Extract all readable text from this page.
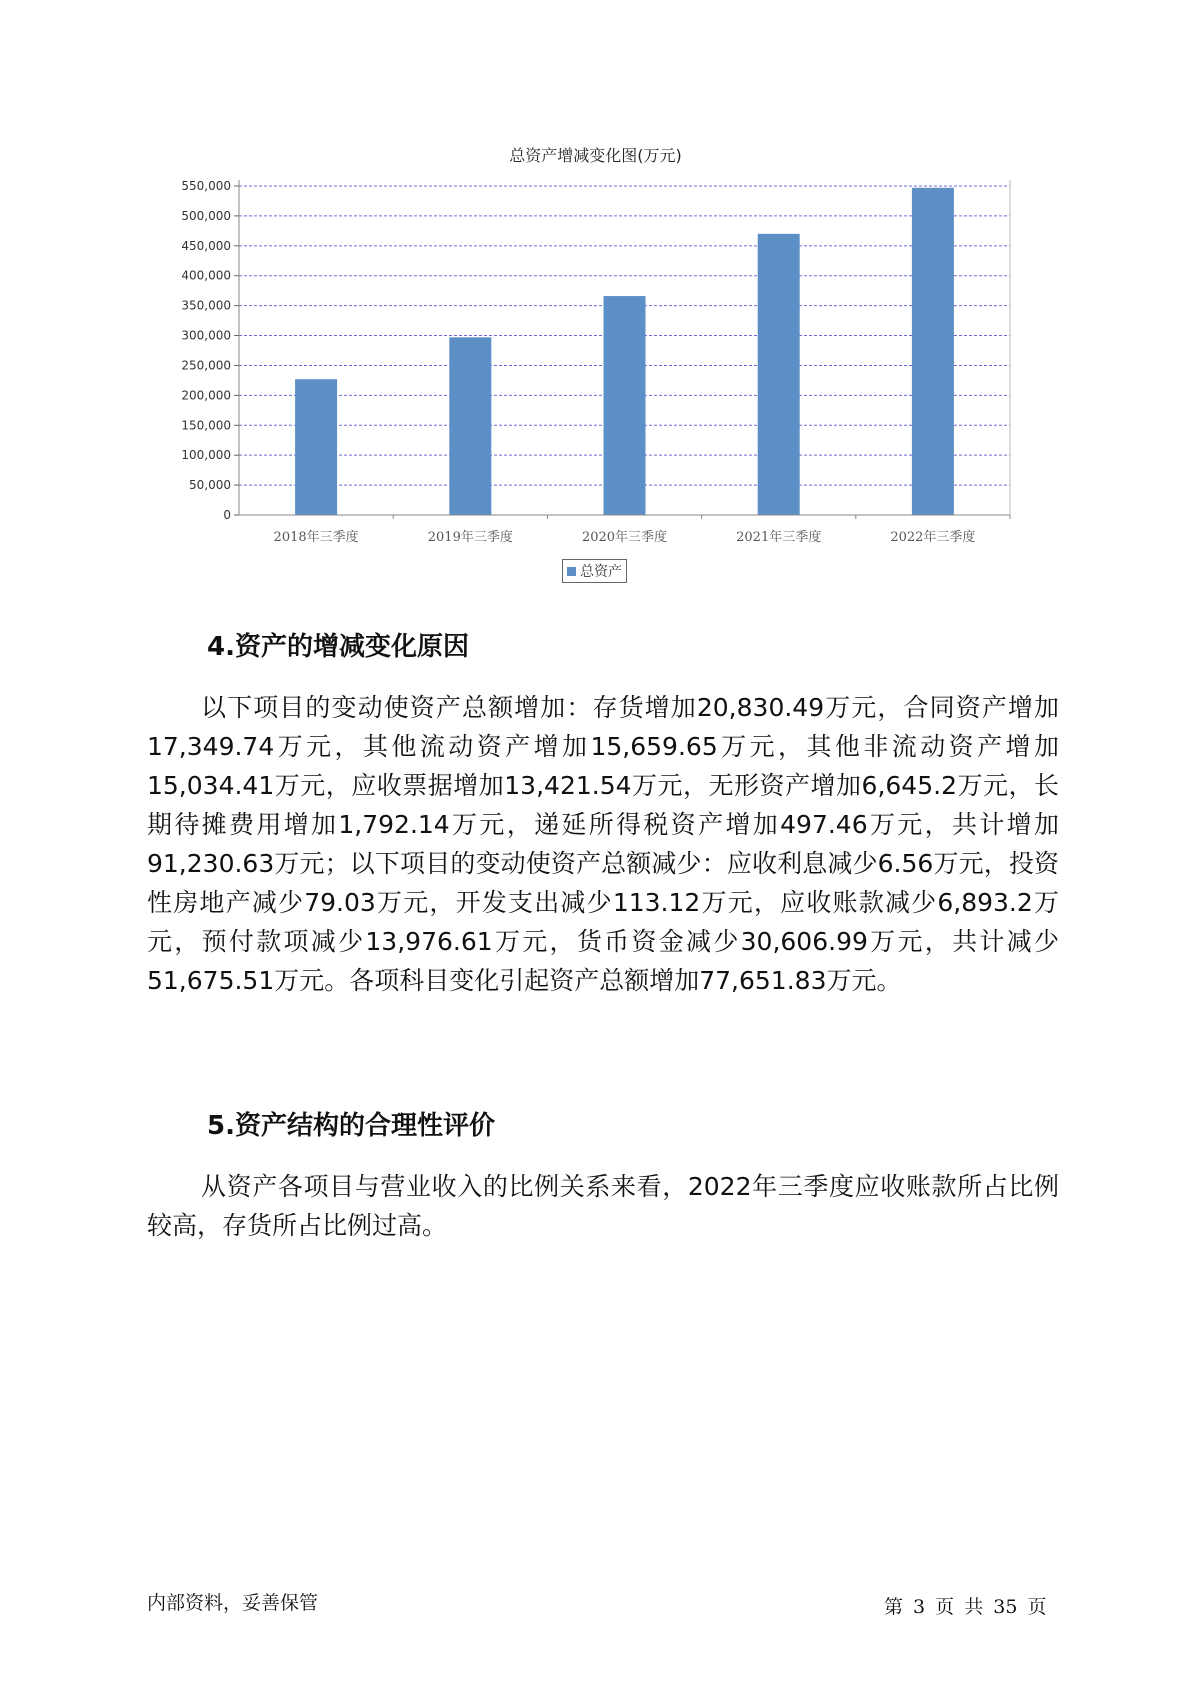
总资产增减变化图(万元)
0
50,000
100,000
150,000
200,000
250,000
300,000
350,000
400,000
450,000
500,000
550,000
2018年三季度	2019年三季度	2020年三季度	2021年三季度	2022年三季度
总资产
4.资产的增减变化原因
以下项目的变动使资产总额增加：存货增加20,830.49万元，合同资产增加17,349.74万元，其他流动资产增加15,659.65万元，其他非流动资产增加15,034.41万元，应收票据增加13,421.54万元，无形资产增加6,645.2万元，长期待摊费用增加1,792.14万元，递延所得税资产增加497.46万元，共计增加91,230.63万元；以下项目的变动使资产总额减少：应收利息减少6.56万元，投资性房地产减少79.03万元，开发支出减少113.12万元，应收账款减少6,893.2万元，预付款项减少13,976.61万元，货币资金减少30,606.99万元，共计减少51,675.51万元。各项科目变化引起资产总额增加77,651.83万元。
5.资产结构的合理性评价
从资产各项目与营业收入的比例关系来看，2022年三季度应收账款所占比例较高，存货所占比例过高。
内部资料，妥善保管	第 3 页 共 35 页
